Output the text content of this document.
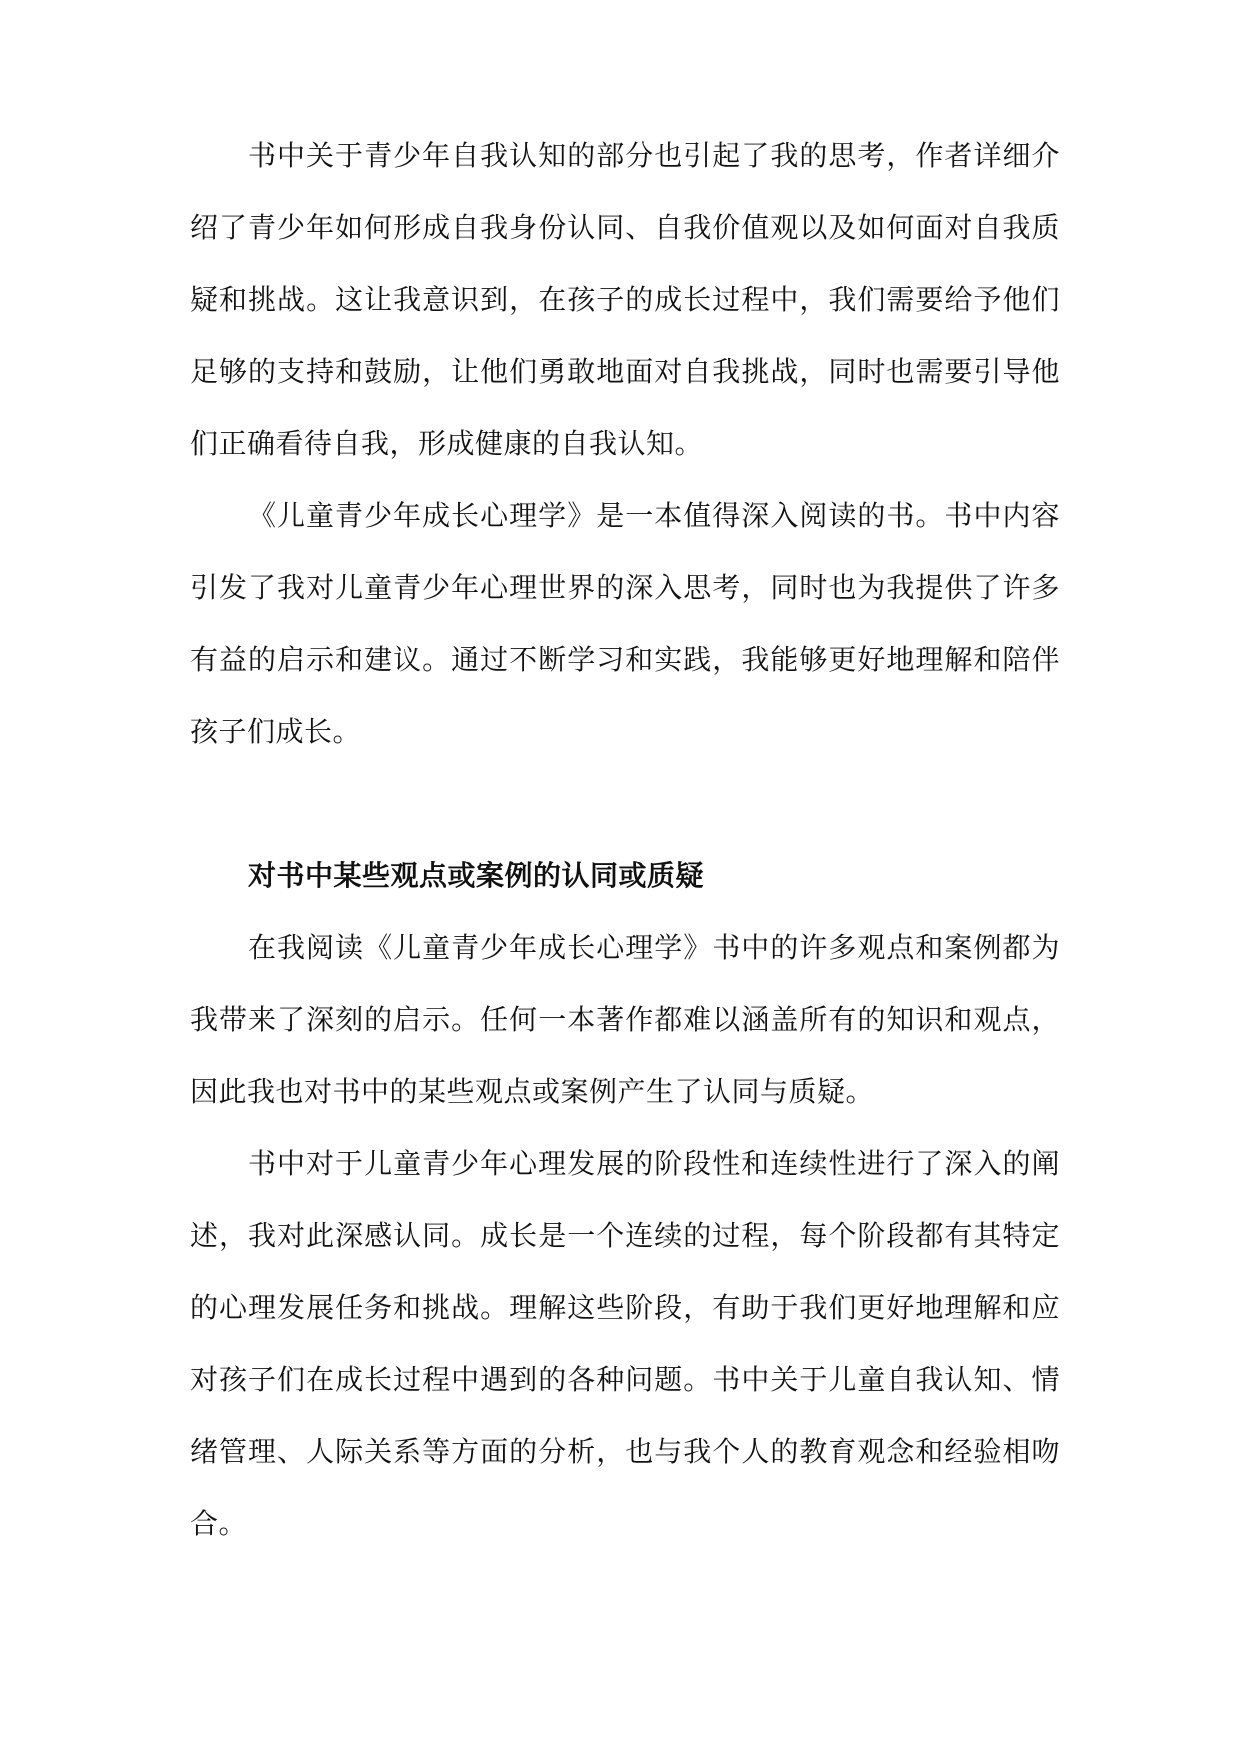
书中关于青少年自我认知的部分也引起了我的思考，作者详细介绍了青少年如何形成自我身份认同、自我价值观以及如何面对自我质疑和挑战。这让我意识到，在孩子的成长过程中，我们需要给予他们足够的支持和鼓励，让他们勇敢地面对自我挑战，同时也需要引导他们正确看待自我，形成健康的自我认知。

《儿童青少年成长心理学》是一本值得深入阅读的书。书中内容引发了我对儿童青少年心理世界的深入思考，同时也为我提供了许多有益的启示和建议。通过不断学习和实践，我能够更好地理解和陪伴孩子们成长。

对书中某些观点或案例的认同或质疑

在我阅读《儿童青少年成长心理学》书中的许多观点和案例都为我带来了深刻的启示。任何一本著作都难以涵盖所有的知识和观点，因此我也对书中的某些观点或案例产生了认同与质疑。

书中对于儿童青少年心理发展的阶段性和连续性进行了深入的阐述，我对此深感认同。成长是一个连续的过程，每个阶段都有其特定的心理发展任务和挑战。理解这些阶段，有助于我们更好地理解和应对孩子们在成长过程中遇到的各种问题。书中关于儿童自我认知、情绪管理、人际关系等方面的分析，也与我个人的教育观念和经验相吻合。
